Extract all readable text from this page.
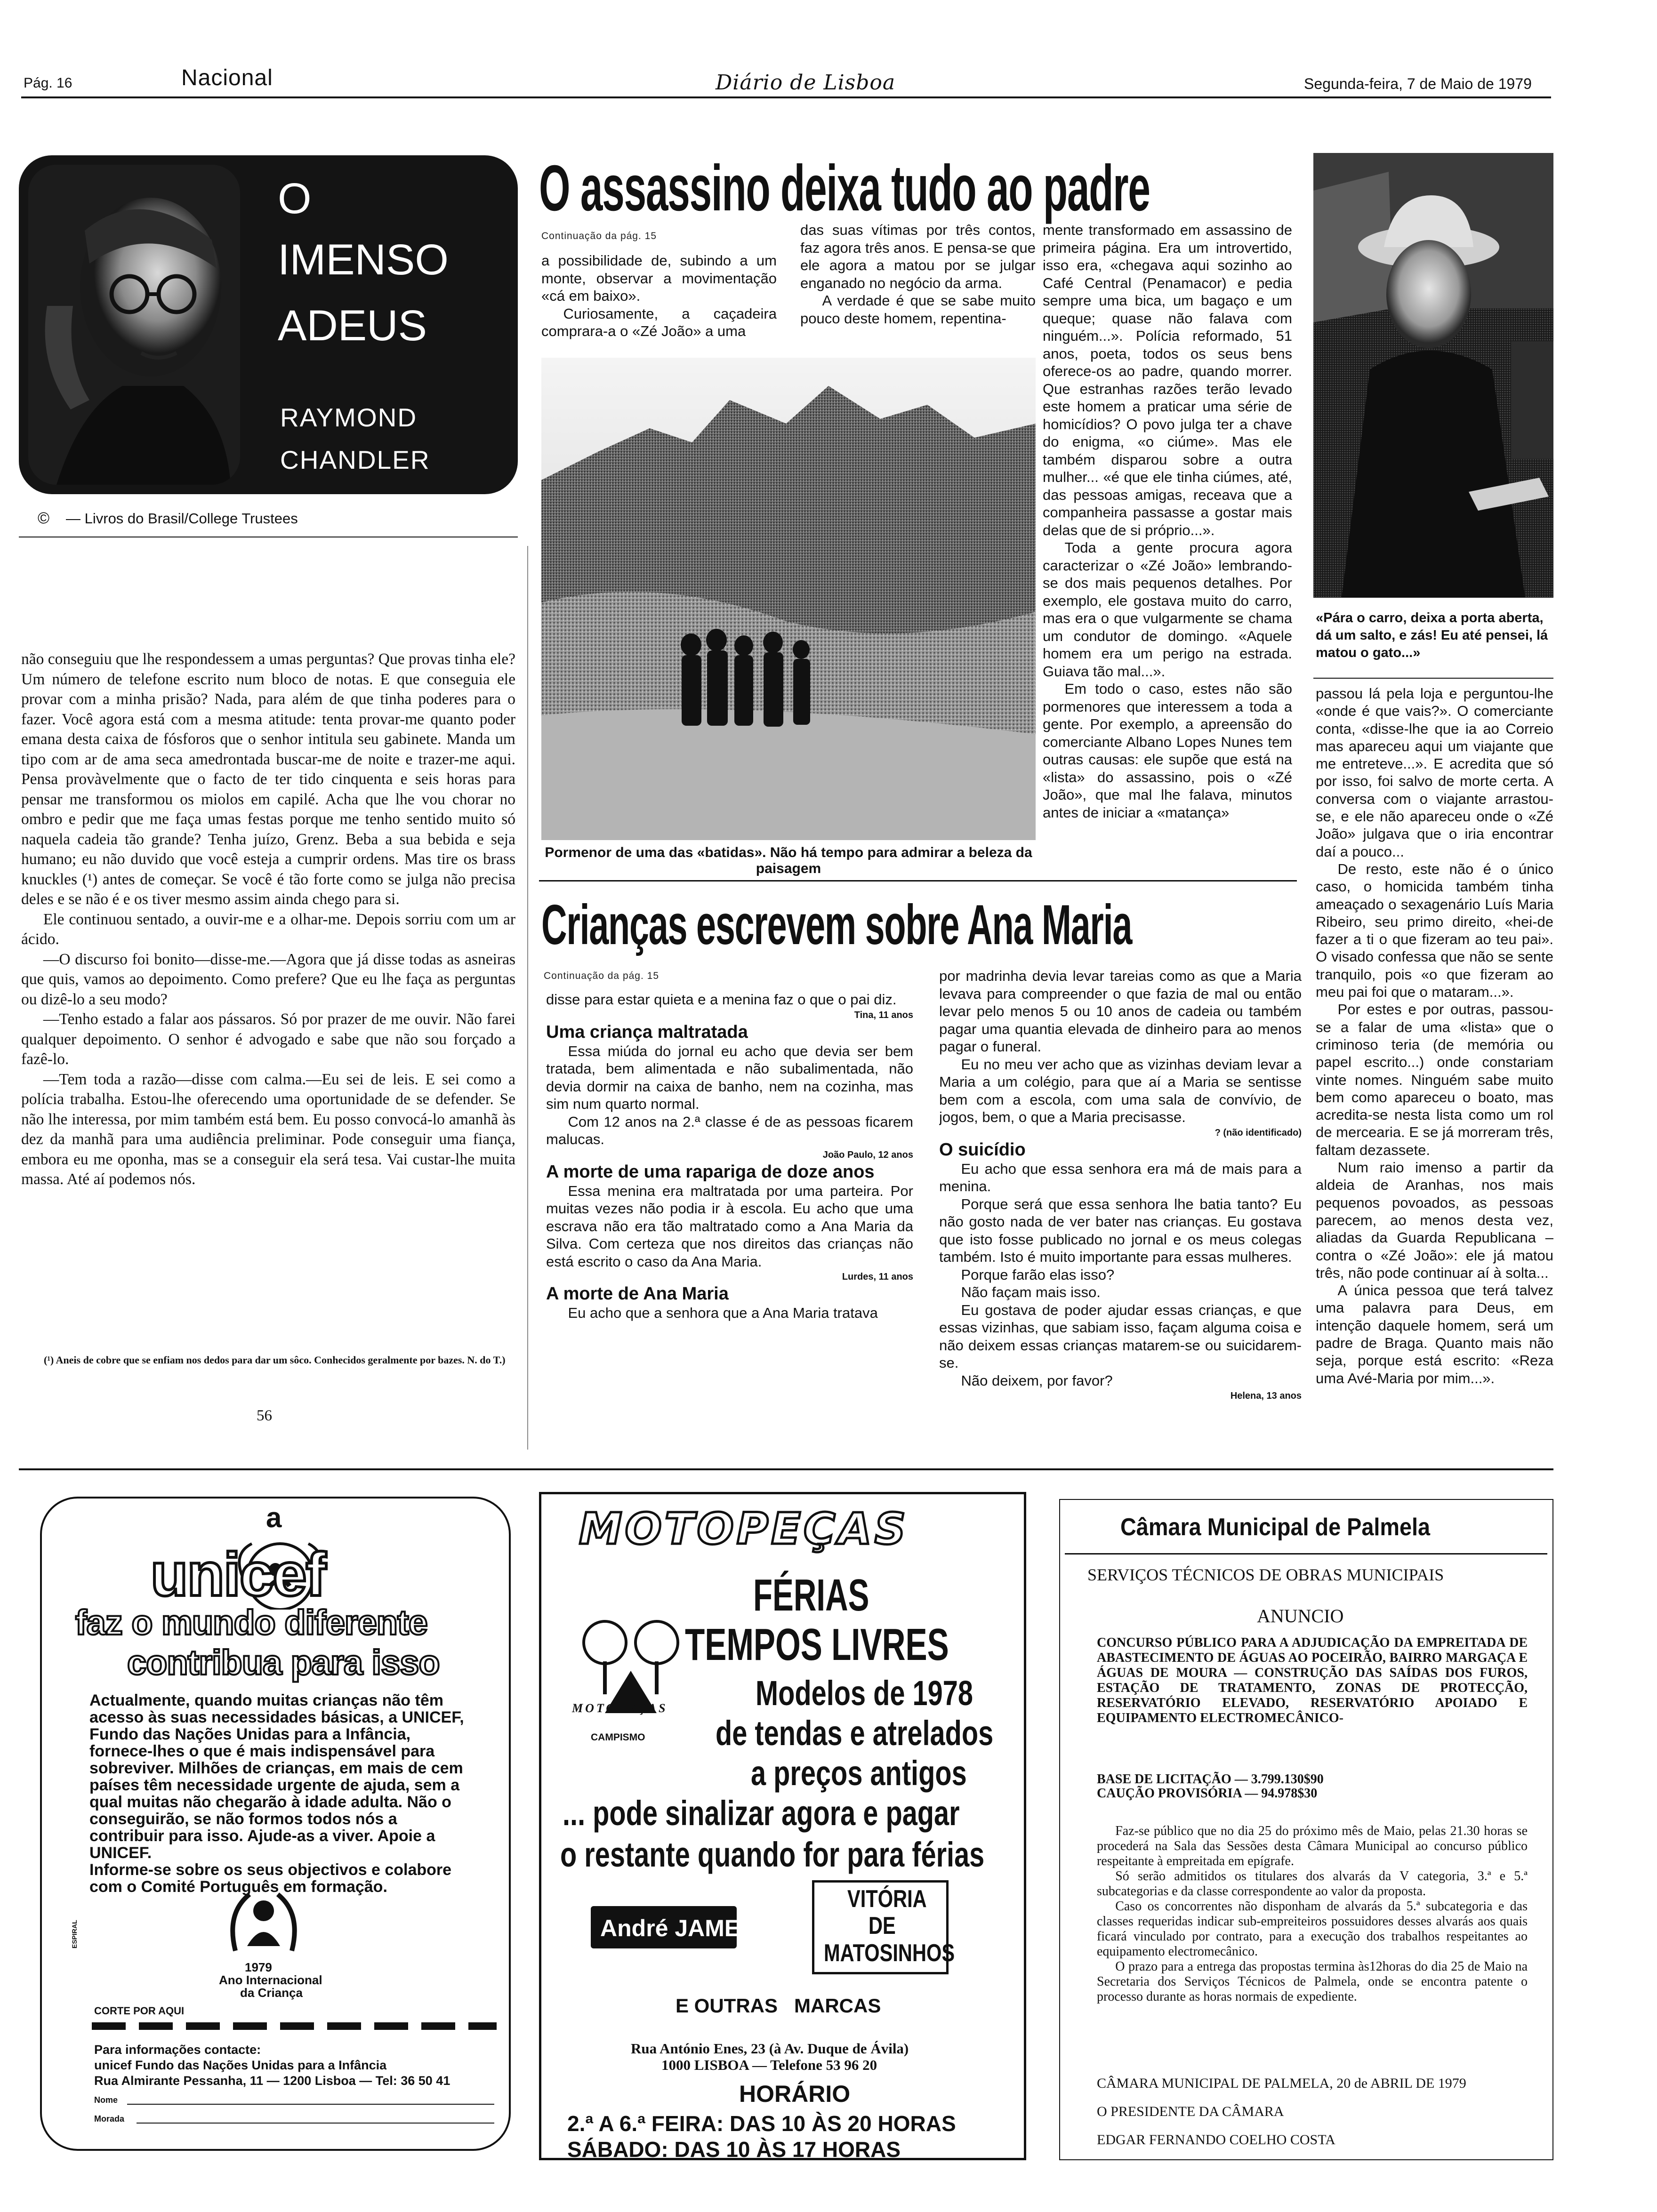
Pág. 16	Nacional	Diário de Lisboa	Segunda-feira, 7 de Maio de 1979
O
IMENSO
ADEUS
RAYMOND
CHANDLER
© — Livros do Brasil/College Trustees

não conseguiu que lhe respondessem a umas perguntas? Que provas tinha ele? Um número de telefone escrito num bloco de notas. E que conseguia ele provar com a minha prisão? Nada, para além de que tinha poderes para o fazer. Você agora está com a mesma atitude: tenta provar-me quanto poder emana desta caixa de fósforos que o senhor intitula seu gabinete. Manda um tipo com ar de ama seca amedrontada buscar-me de noite e trazer-me aqui. Pensa provàvelmente que o facto de ter tido cinquenta e seis horas para pensar me transformou os miolos em capilé. Acha que lhe vou chorar no ombro e pedir que me faça umas festas porque me tenho sentido muito só naquela cadeia tão grande? Tenha juízo, Grenz. Beba a sua bebida e seja humano; eu não duvido que você esteja a cumprir ordens. Mas tire os brass knuckles (¹) antes de começar. Se você é tão forte como se julga não precisa deles e se não é e os tiver mesmo assim ainda chego para si.

Ele continuou sentado, a ouvir-me e a olhar-me. Depois sorriu com um ar ácido.

—O discurso foi bonito—disse-me.—Agora que já disse todas as asneiras que quis, vamos ao depoimento. Como prefere? Que eu lhe faça as perguntas ou dizê-lo a seu modo?

—Tenho estado a falar aos pássaros. Só por prazer de me ouvir. Não farei qualquer depoimento. O senhor é advogado e sabe que não sou forçado a fazê-lo.

—Tem toda a razão—disse com calma.—Eu sei de leis. E sei como a polícia trabalha. Estou-lhe oferecendo uma oportunidade de se defender. Se não lhe interessa, por mim também está bem. Eu posso convocá-lo amanhã às dez da manhã para uma audiência preliminar. Pode conseguir uma fiança, embora eu me oponha, mas se a conseguir ela será tesa. Vai custar-lhe muita massa. Até aí podemos nós.

(¹) Aneis de cobre que se enfiam nos dedos para dar um sôco. Conhecidos geralmente por bazes. N. do T.)
56
O assassino deixa tudo ao padre
Continuação da pág. 15

a possibilidade de, subindo a um monte, observar a movimentação «cá em baixo».

Curiosamente, a caçadeira comprara-a o «Zé João» a uma

das suas vítimas por três contos, faz agora três anos. E pensa-se que ele agora a matou por se julgar enganado no negócio da arma.

A verdade é que se sabe muito pouco deste homem, repentina-

Pormenor de uma das «batidas». Não há tempo para admirar a beleza da paisagem

mente transformado em assassino de primeira página. Era um introvertido, isso era, «chegava aqui sozinho ao Café Central (Penamacor) e pedia sempre uma bica, um bagaço e um queque; quase não falava com ninguém...». Polícia reformado, 51 anos, poeta, todos os seus bens oferece-os ao padre, quando morrer. Que estranhas razões terão levado este homem a praticar uma série de homicídios? O povo julga ter a chave do enigma, «o ciúme». Mas ele também disparou sobre a outra mulher... «é que ele tinha ciúmes, até, das pessoas amigas, receava que a companheira passasse a gostar mais delas que de si próprio...».

Toda a gente procura agora caracterizar o «Zé João» lembrando-se dos mais pequenos detalhes. Por exemplo, ele gostava muito do carro, mas era o que vulgarmente se chama um condutor de domingo. «Aquele homem era um perigo na estrada. Guiava tão mal...».

Em todo o caso, estes não são pormenores que interessem a toda a gente. Por exemplo, a apreensão do comerciante Albano Lopes Nunes tem outras causas: ele supõe que está na «lista» do assassino, pois o «Zé João», que mal lhe falava, minutos antes de iniciar a «matança»

«Pára o carro, deixa a porta aberta, dá um salto, e zás! Eu até pensei, lá matou o gato...»

passou lá pela loja e perguntou-lhe «onde é que vais?». O comerciante conta, «disse-lhe que ia ao Correio mas apareceu aqui um viajante que me entreteve...». E acredita que só por isso, foi salvo de morte certa. A conversa com o viajante arrastou-se, e ele não apareceu onde o «Zé João» julgava que o iria encontrar daí a pouco...

De resto, este não é o único caso, o homicida também tinha ameaçado o sexagenário Luís Maria Ribeiro, seu primo direito, «hei-de fazer a ti o que fizeram ao teu pai». O visado confessa que não se sente tranquilo, pois «o que fizeram ao meu pai foi que o mataram...».

Por estes e por outras, passou-se a falar de uma «lista» que o criminoso teria (de memória ou papel escrito...) onde constariam vinte nomes. Ninguém sabe muito bem como apareceu o boato, mas acredita-se nesta lista como um rol de mercearia. E se já morreram três, faltam dezassete.

Num raio imenso a partir da aldeia de Aranhas, nos mais pequenos povoados, as pessoas parecem, ao menos desta vez, aliadas da Guarda Republicana – contra o «Zé João»: ele já matou três, não pode continuar aí à solta...

A única pessoa que terá talvez uma palavra para Deus, em intenção daquele homem, será um padre de Braga. Quanto mais não seja, porque está escrito: «Reza uma Avé-Maria por mim...».

Crianças escrevem sobre Ana Maria
Continuação da pág. 15

disse para estar quieta e a menina faz o que o pai diz.

Tina, 11 anos

Uma criança maltratada

Essa miúda do jornal eu acho que devia ser bem tratada, bem alimentada e não subalimentada, não devia dormir na caixa de banho, nem na cozinha, mas sim num quarto normal.

Com 12 anos na 2.ª classe é de as pessoas ficarem malucas.

João Paulo, 12 anos

A morte de uma rapariga de doze anos

Essa menina era maltratada por uma parteira. Por muitas vezes não podia ir à escola. Eu acho que uma escrava não era tão maltratado como a Ana Maria da Silva. Com certeza que nos direitos das crianças não está escrito o caso da Ana Maria.

Lurdes, 11 anos

A morte de Ana Maria

Eu acho que a senhora que a Ana Maria tratava

por madrinha devia levar tareias como as que a Maria levava para compreender o que fazia de mal ou então levar pelo menos 5 ou 10 anos de cadeia ou também pagar uma quantia elevada de dinheiro para ao menos pagar o funeral.

Eu no meu ver acho que as vizinhas deviam levar a Maria a um colégio, para que aí a Maria se sentisse bem com a escola, com uma sala de convívio, de jogos, bem, o que a Maria precisasse.

? (não identificado)

O suicídio

Eu acho que essa senhora era má de mais para a menina.

Porque será que essa senhora lhe batia tanto? Eu não gosto nada de ver bater nas crianças. Eu gostava que isto fosse publicado no jornal e os meus colegas também. Isto é muito importante para essas mulheres.

Porque farão elas isso?

Não façam mais isso.

Eu gostava de poder ajudar essas crianças, e que essas vizinhas, que sabiam isso, façam alguma coisa e não deixem essas crianças matarem-se ou suicidarem-se.

Não deixem, por favor?

Helena, 13 anos

a
unicef
faz o mundo diferente
contribua para isso

Actualmente, quando muitas crianças não têm acesso às suas necessidades básicas, a UNICEF, Fundo das Nações Unidas para a Infância, fornece-lhes o que é mais indispensável para sobreviver. Milhões de crianças, em mais de cem países têm necessidade urgente de ajuda, sem a qual muitas não chegarão à idade adulta. Não o conseguirão, se não formos todos nós a contribuir para isso. Ajude-as a viver. Apoie a UNICEF.

Informe-se sobre os seus objectivos e colabore com o Comité Português em formação.

1979
Ano Internacional
da Criança
CORTE POR AQUI
Para informações contacte:
unicef Fundo das Nações Unidas para a Infância
Rua Almirante Pessanha, 11 — 1200 Lisboa — Tel: 36 50 41
Nome
Morada
ESPIRAL
MOTOPEÇAS
FÉRIAS
TEMPOS LIVRES
MOTOPEÇAS
CAMPISMO
Modelos de 1978
de tendas e atrelados
a preços antigos
... pode sinalizar agora e pagar
o restante quando for para férias
André JAMET
VITÓRIA
DE
MATOSINHOS
E OUTRAS   MARCAS
Rua António Enes, 23 (à Av. Duque de Ávila)
1000 LISBOA — Telefone 53 96 20
HORÁRIO
2.ª A 6.ª FEIRA: DAS 10 ÀS 20 HORAS
SÁBADO: DAS 10 ÀS 17 HORAS
Câmara Municipal de Palmela
SERVIÇOS TÉCNICOS DE OBRAS MUNICIPAIS
ANUNCIO
CONCURSO PÚBLICO PARA A ADJUDICAÇÃO DA EMPREITADA DE ABASTECIMENTO DE ÁGUAS AO POCEIRÃO, BAIRRO MARGAÇA E ÁGUAS DE MOURA — CONSTRUÇÃO DAS SAÍDAS DOS FUROS, ESTAÇÃO DE TRATAMENTO, ZONAS DE PROTECÇÃO, RESERVATÓRIO ELEVADO, RESERVATÓRIO APOIADO E EQUIPAMENTO ELECTROMECÂNICO-
BASE DE LICITAÇÃO — 3.799.130$90
CAUÇÃO PROVISÓRIA — 94.978$30

Faz-se público que no dia 25 do próximo mês de Maio, pelas 21.30 horas se procederá na Sala das Sessões desta Câmara Municipal ao concurso público respeitante à empreitada em epígrafe.

Só serão admitidos os titulares dos alvarás da V categoria, 3.ª e 5.ª subcategorias e da classe correspondente ao valor da proposta.

Caso os concorrentes não disponham de alvarás da 5.ª subcategoria e das classes requeridas indicar sub-empreiteiros possuidores desses alvarás aos quais ficará vinculado por contrato, para a execução dos trabalhos respeitantes ao equipamento electromecânico.

O prazo para a entrega das propostas termina às12horas do dia 25 de Maio na Secretaria dos Serviços Técnicos de Palmela, onde se encontra patente o processo durante as horas normais de expediente.

CÂMARA MUNICIPAL DE PALMELA, 20 de ABRIL DE 1979
O PRESIDENTE DA CÂMARA
EDGAR FERNANDO COELHO COSTA
